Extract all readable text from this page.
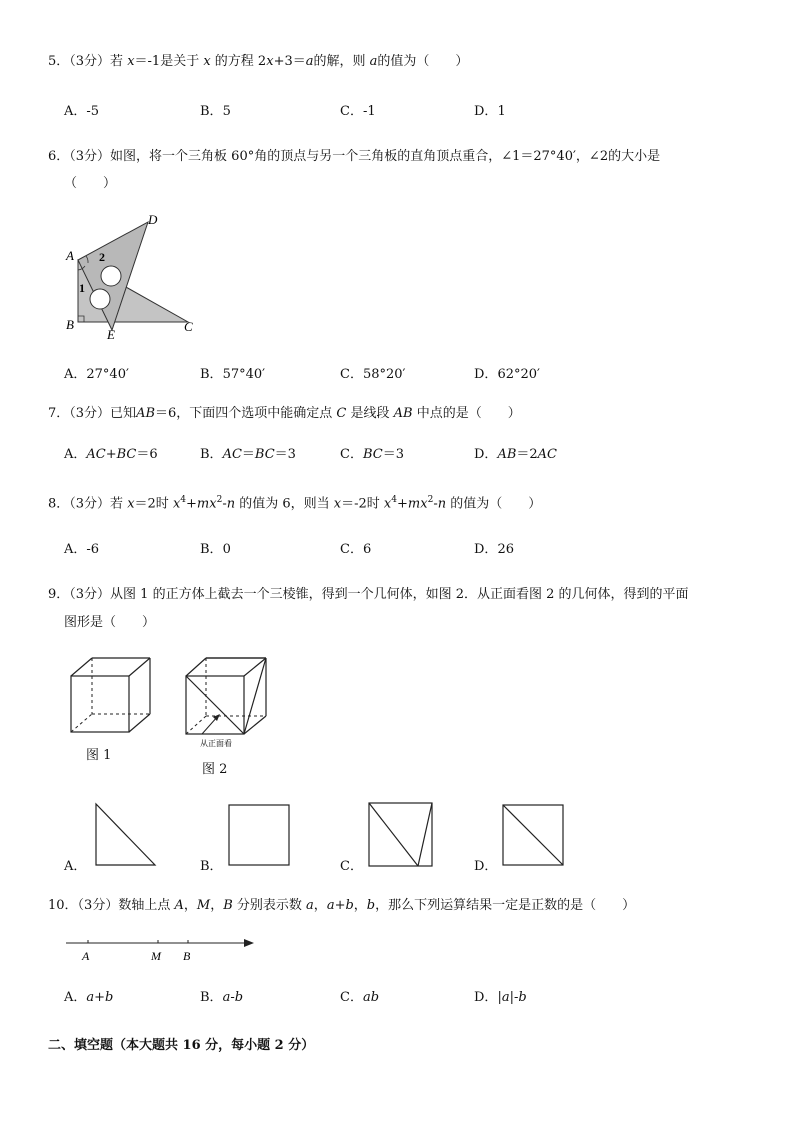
5．（3分）若 x＝-1是关于 x 的方程 2x+3＝a的解，则 a的值为（　　）
A．-5	B．5	C．-1	D．1
6．（3分）如图，将一个三角板 60°角的顶点与另一个三角板的直角顶点重合，∠1＝27°40′，∠2的大小是
（　　）
D
A
B
E
C
1
2
A．27°40′	B．57°40′	C．58°20′	D．62°20′
7．（3分）已知AB＝6，下面四个选项中能确定点 C 是线段 AB 中点的是（　　）
A．AC+BC＝6	B．AC＝BC＝3	C．BC＝3	D．AB＝2AC
8．（3分）若 x＝2时 $x^4+mx^2-n$ 的值为 6，则当 x＝-2时 $x^4+mx^2-n$ 的值为（　　）
A．-6	B．0	C．6	D．26
9．（3分）从图 1 的正方体上截去一个三棱锥，得到一个几何体，如图 2．从正面看图 2 的几何体，得到的平面
图形是（　　）
图 1
从正面看
图 2
A．	B．	C．	D．
10．（3分）数轴上点 A，M，B 分别表示数 a，a+b，b，那么下列运算结果一定是正数的是（　　）
A	M B
A．a+b	B．a-b	C．ab	D．|a|-b
二、填空题（本大题共 16 分，每小题 2 分）
